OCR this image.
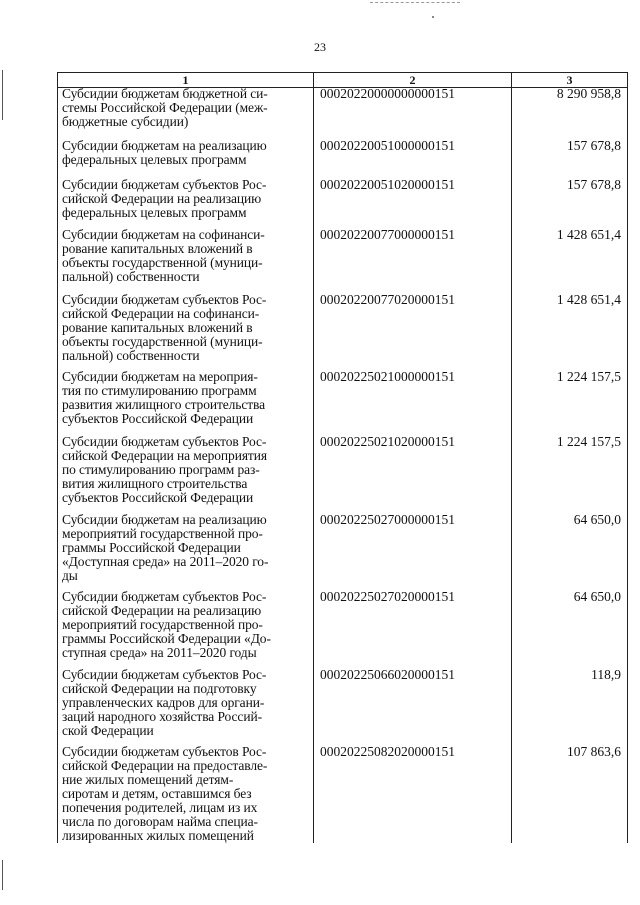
23
1	2	3
Субсидии бюджетам бюджетной си-
стемы Российской Федерации (меж-
бюджетные субсидии)
00020220000000000151	8 290 958,8
Субсидии бюджетам на реализацию
федеральных целевых программ
00020220051000000151	157 678,8
Субсидии бюджетам субъектов Рос-
сийской Федерации на реализацию
федеральных целевых программ
00020220051020000151	157 678,8
Субсидии бюджетам на софинанси-
рование капитальных вложений в
объекты государственной (муници-
пальной) собственности
00020220077000000151	1 428 651,4
Субсидии бюджетам субъектов Рос-
сийской Федерации на софинанси-
рование капитальных вложений в
объекты государственной (муници-
пальной) собственности
00020220077020000151	1 428 651,4
Субсидии бюджетам на мероприя-
тия по стимулированию программ
развития жилищного строительства
субъектов Российской Федерации
00020225021000000151	1 224 157,5
Субсидии бюджетам субъектов Рос-
сийской Федерации на мероприятия
по стимулированию программ раз-
вития жилищного строительства
субъектов Российской Федерации
00020225021020000151	1 224 157,5
Субсидии бюджетам на реализацию
мероприятий государственной про-
граммы Российской Федерации
«Доступная среда» на 2011–2020 го-
ды
00020225027000000151	64 650,0
Субсидии бюджетам субъектов Рос-
сийской Федерации на реализацию
мероприятий государственной про-
граммы Российской Федерации «До-
ступная среда» на 2011–2020 годы
00020225027020000151	64 650,0
Субсидии бюджетам субъектов Рос-
сийской Федерации на подготовку
управленческих кадров для органи-
заций народного хозяйства Россий-
ской Федерации
00020225066020000151	118,9
Субсидии бюджетам субъектов Рос-
сийской Федерации на предоставле-
ние жилых помещений детям-
сиротам и детям, оставшимся без
попечения родителей, лицам из их
числа по договорам найма специа-
лизированных жилых помещений
00020225082020000151	107 863,6
